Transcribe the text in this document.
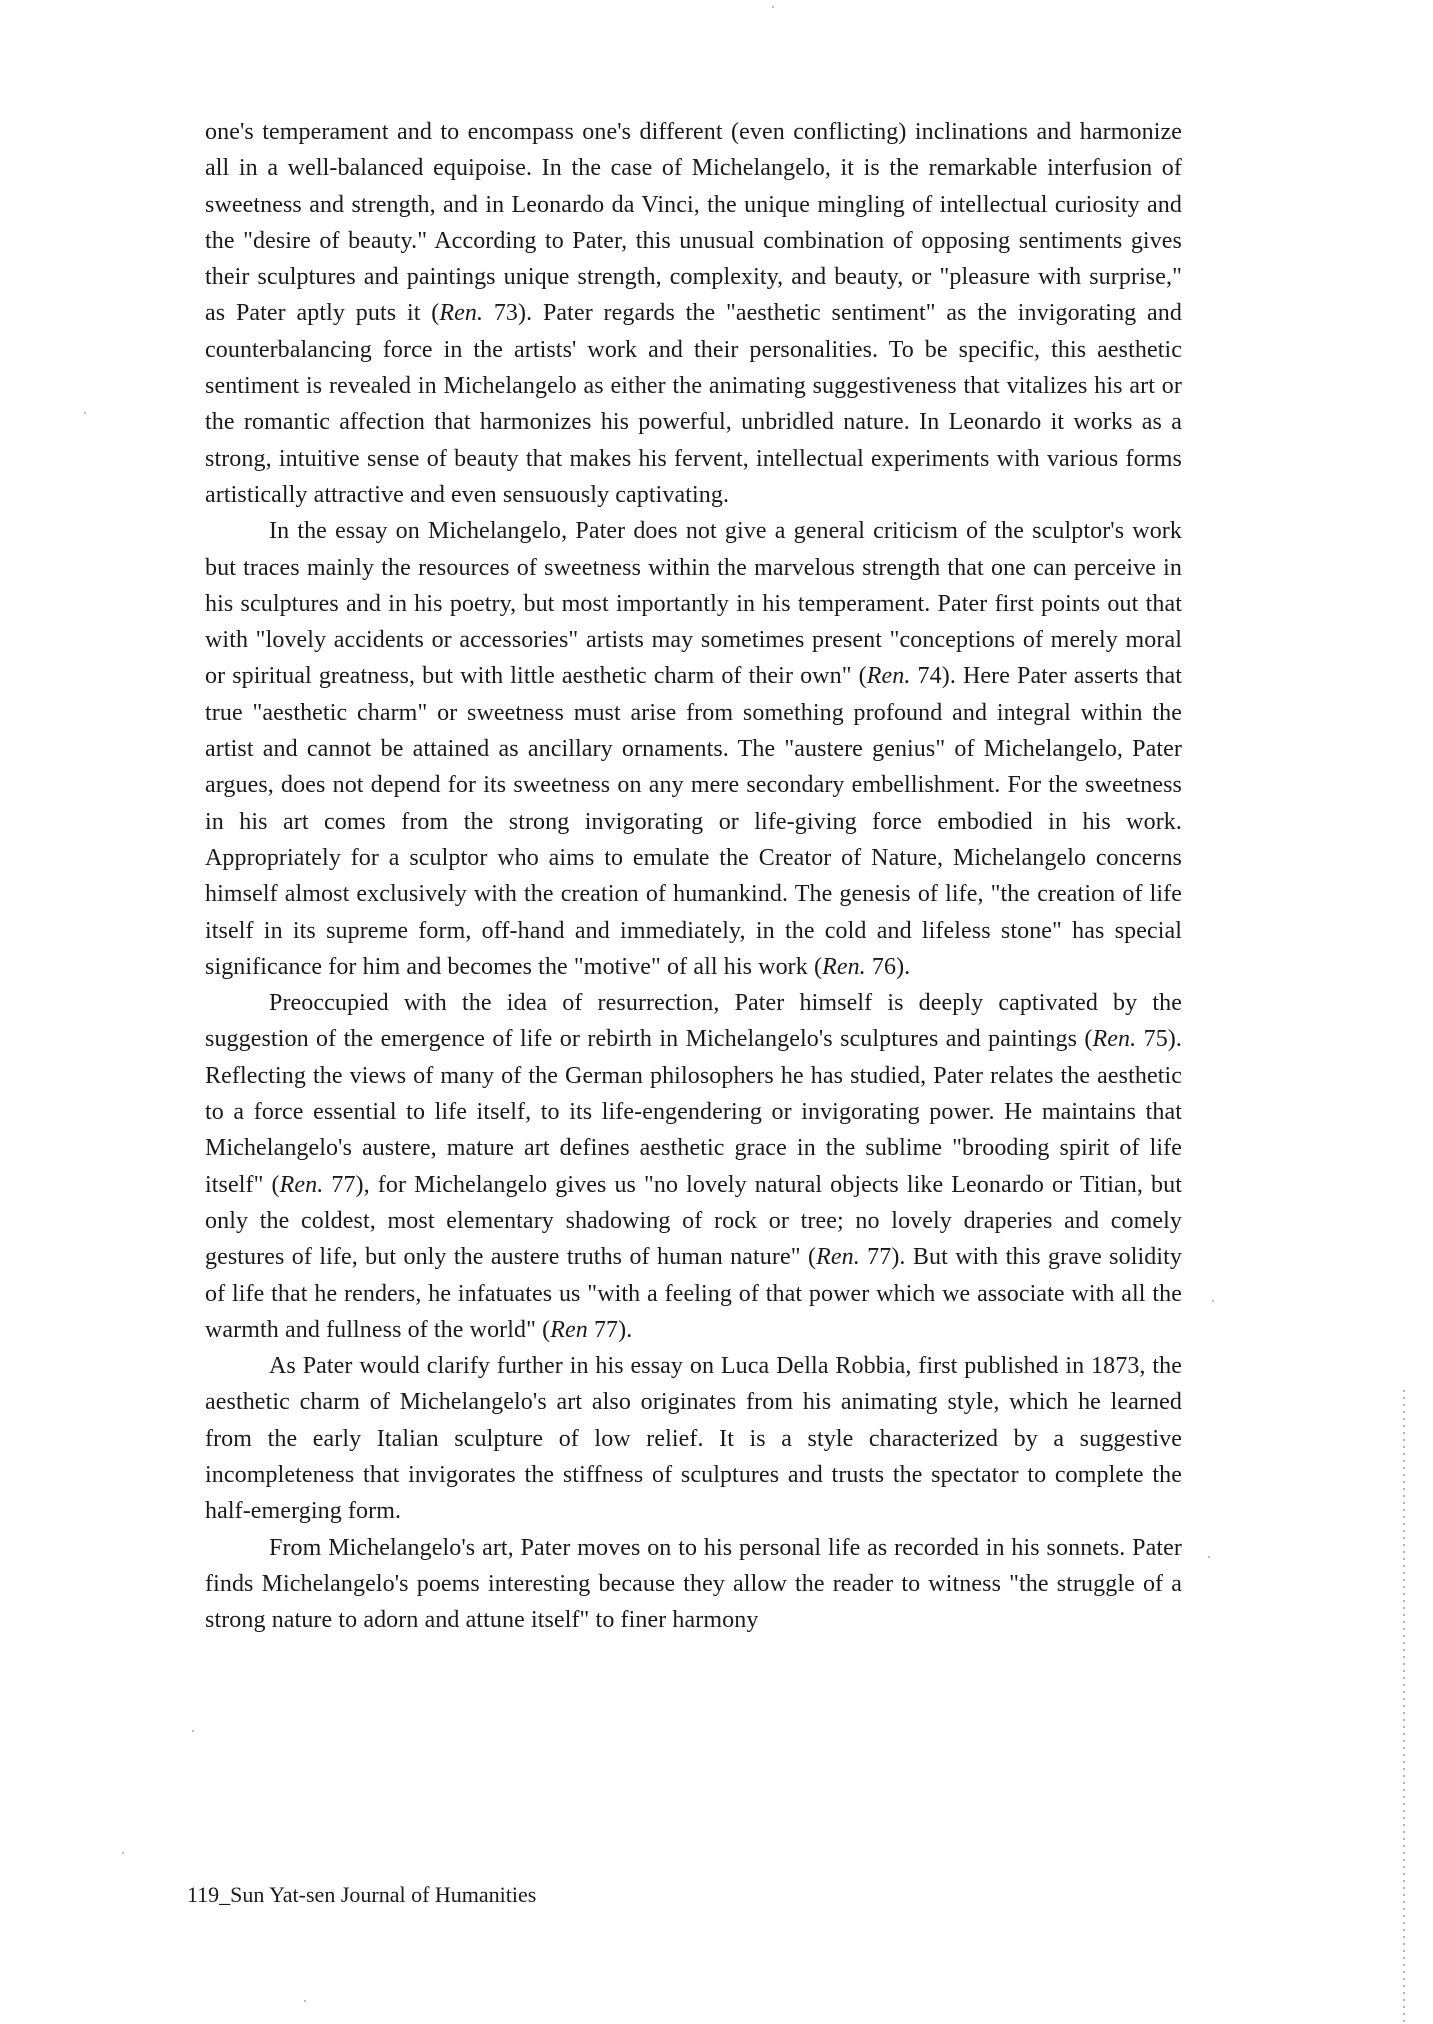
one's temperament and to encompass one's different (even conflicting) inclinations and harmonize all in a well-balanced equipoise. In the case of Michelangelo, it is the remarkable interfusion of sweetness and strength, and in Leonardo da Vinci, the unique mingling of intellectual curiosity and the "desire of beauty." According to Pater, this unusual combination of opposing sentiments gives their sculptures and paintings unique strength, complexity, and beauty, or "pleasure with surprise," as Pater aptly puts it (Ren. 73). Pater regards the "aesthetic sentiment" as the invigorating and counterbalancing force in the artists' work and their personalities. To be specific, this aesthetic sentiment is revealed in Michelangelo as either the animating suggestiveness that vitalizes his art or the romantic affection that harmonizes his powerful, unbridled nature. In Leonardo it works as a strong, intuitive sense of beauty that makes his fervent, intellectual experiments with various forms artistically attractive and even sensuously captivating.

In the essay on Michelangelo, Pater does not give a general criticism of the sculptor's work but traces mainly the resources of sweetness within the marvelous strength that one can perceive in his sculptures and in his poetry, but most importantly in his temperament. Pater first points out that with "lovely accidents or accessories" artists may sometimes present "conceptions of merely moral or spiritual greatness, but with little aesthetic charm of their own" (Ren. 74). Here Pater asserts that true "aesthetic charm" or sweetness must arise from something profound and integral within the artist and cannot be attained as ancillary ornaments. The "austere genius" of Michelangelo, Pater argues, does not depend for its sweetness on any mere secondary embellishment. For the sweetness in his art comes from the strong invigorating or life-giving force embodied in his work. Appropriately for a sculptor who aims to emulate the Creator of Nature, Michelangelo concerns himself almost exclusively with the creation of humankind. The genesis of life, "the creation of life itself in its supreme form, off-hand and immediately, in the cold and lifeless stone" has special significance for him and becomes the "motive" of all his work (Ren. 76).

Preoccupied with the idea of resurrection, Pater himself is deeply captivated by the suggestion of the emergence of life or rebirth in Michelangelo's sculptures and paintings (Ren. 75). Reflecting the views of many of the German philosophers he has studied, Pater relates the aesthetic to a force essential to life itself, to its life-engendering or invigorating power. He maintains that Michelangelo's austere, mature art defines aesthetic grace in the sublime "brooding spirit of life itself" (Ren. 77), for Michelangelo gives us "no lovely natural objects like Leonardo or Titian, but only the coldest, most elementary shadowing of rock or tree; no lovely draperies and comely gestures of life, but only the austere truths of human nature" (Ren. 77). But with this grave solidity of life that he renders, he infatuates us "with a feeling of that power which we associate with all the warmth and fullness of the world" (Ren 77).

As Pater would clarify further in his essay on Luca Della Robbia, first published in 1873, the aesthetic charm of Michelangelo's art also originates from his animating style, which he learned from the early Italian sculpture of low relief. It is a style characterized by a suggestive incompleteness that invigorates the stiffness of sculptures and trusts the spectator to complete the half-emerging form.

From Michelangelo's art, Pater moves on to his personal life as recorded in his sonnets. Pater finds Michelangelo's poems interesting because they allow the reader to witness "the struggle of a strong nature to adorn and attune itself" to finer harmony

119_Sun Yat-sen Journal of Humanities
